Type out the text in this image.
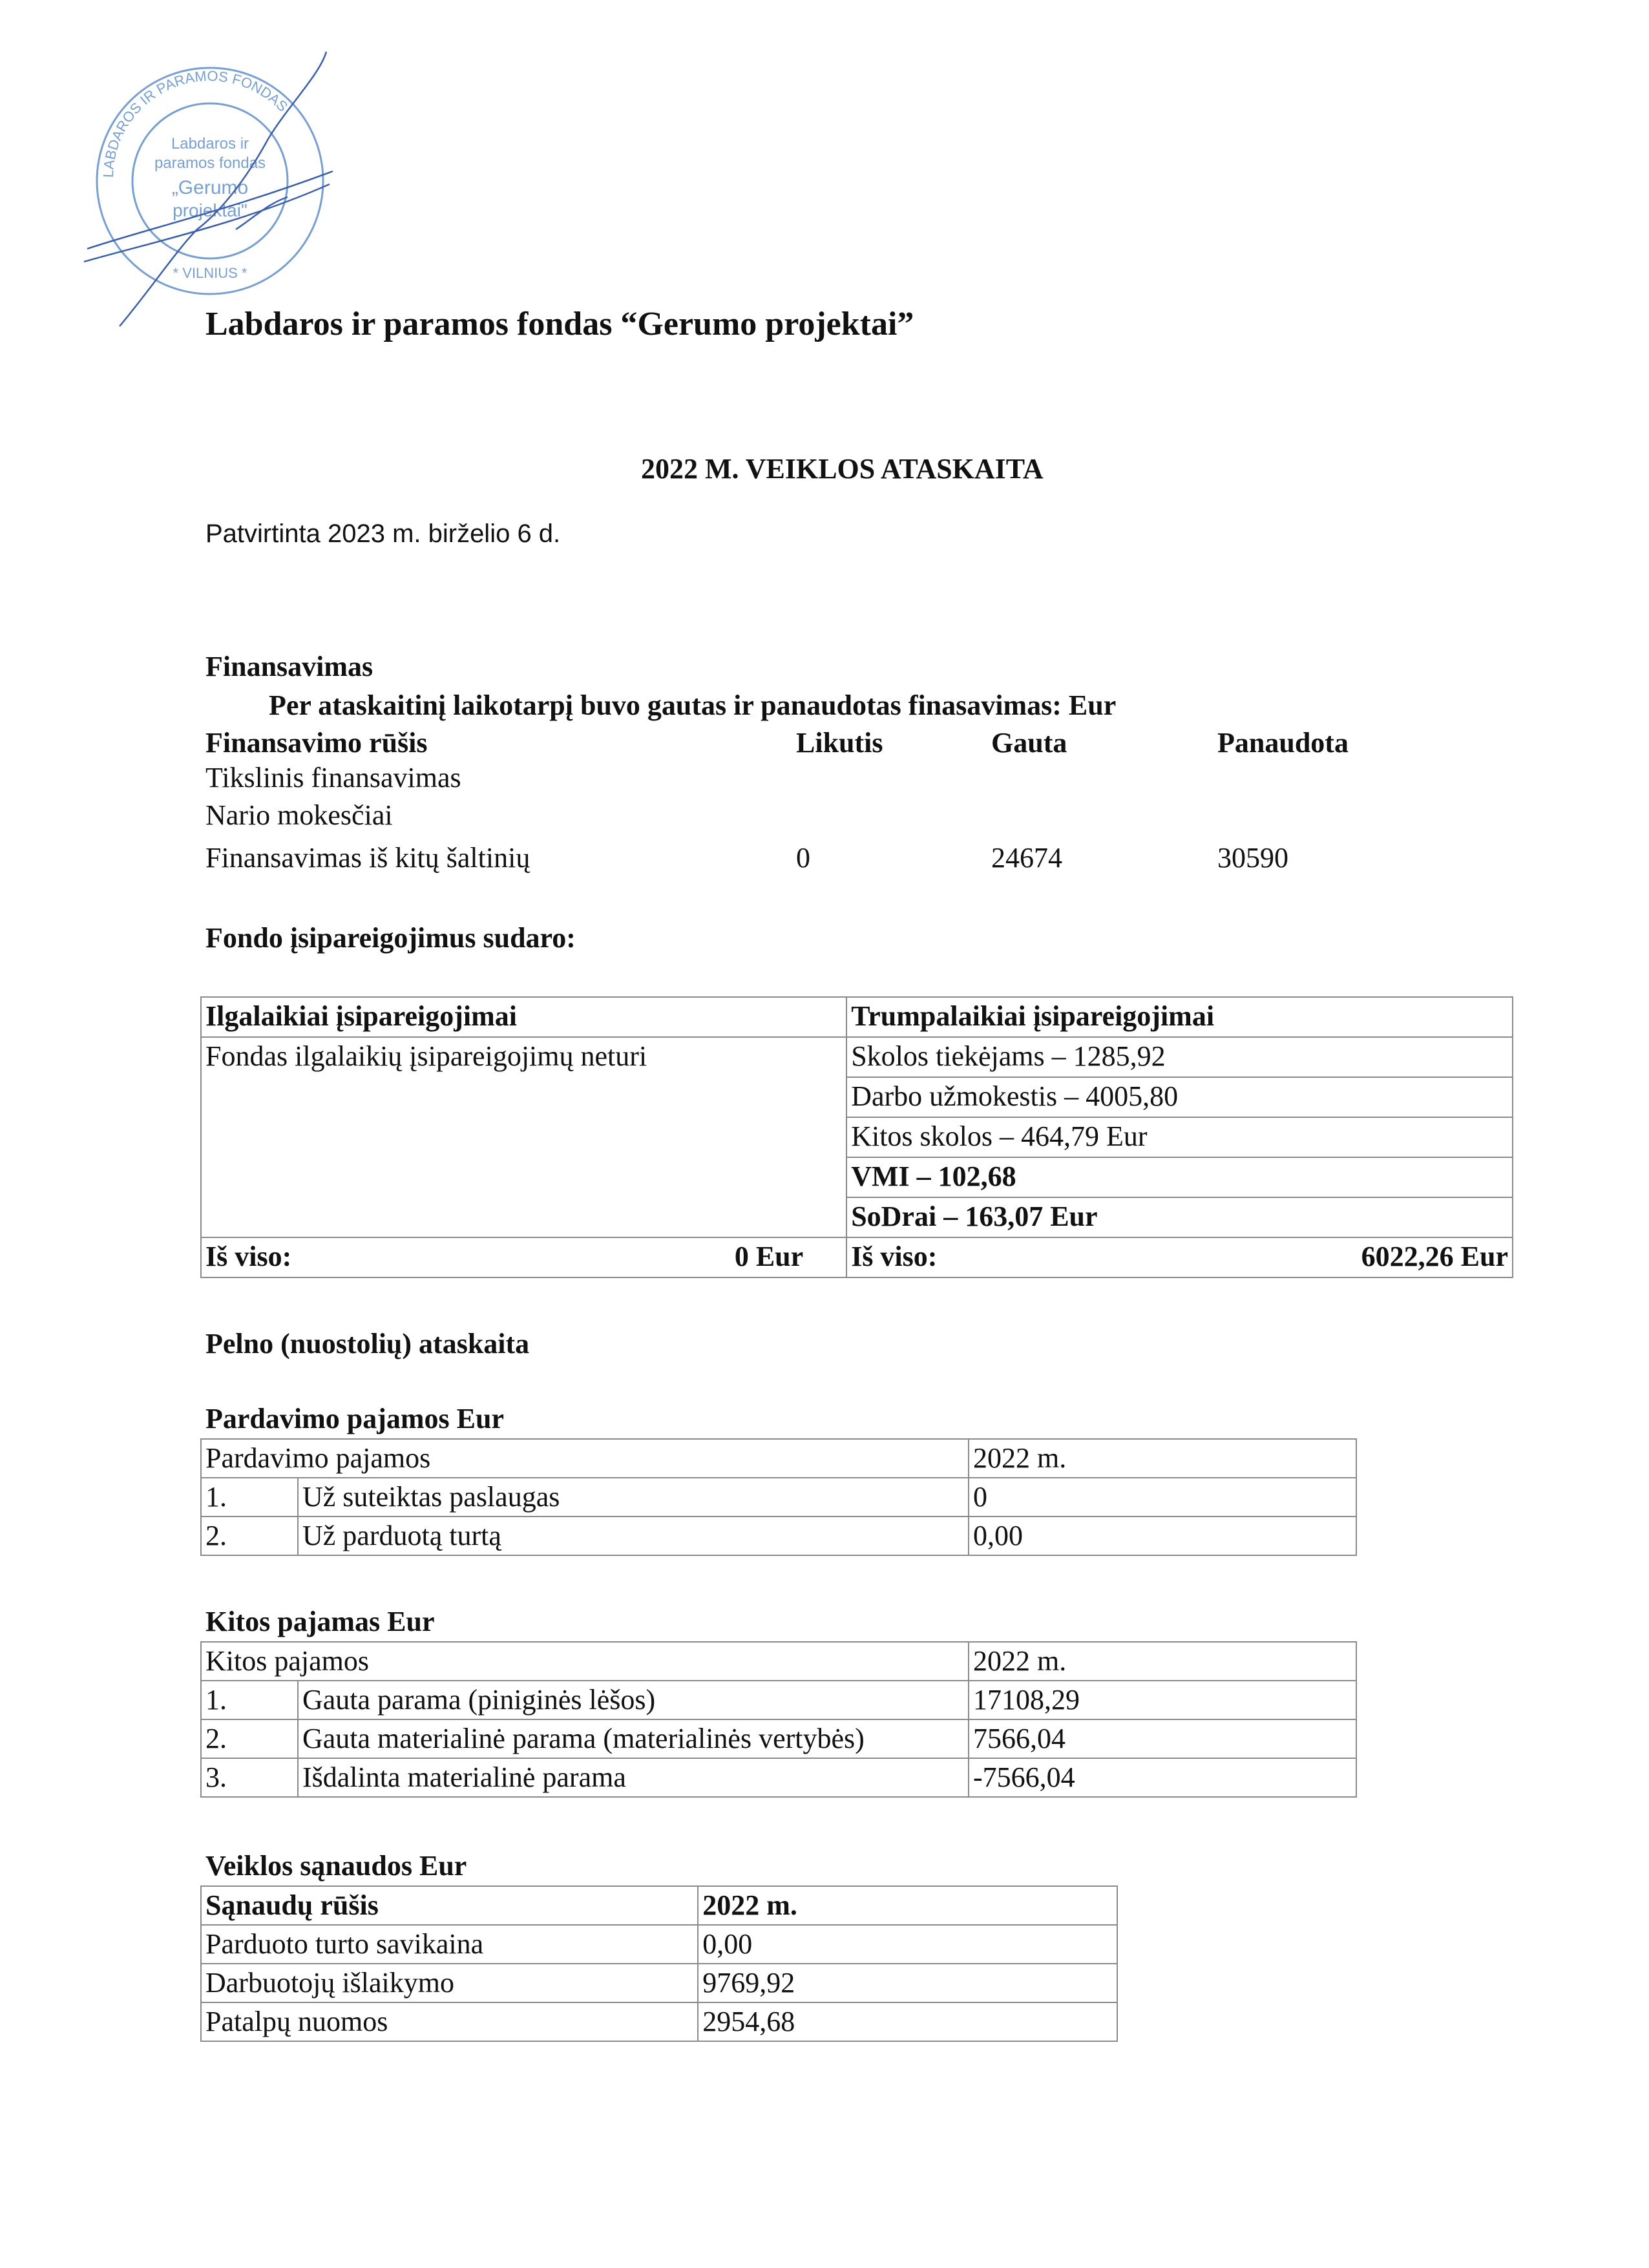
LABDAROS IR PARAMOS FONDAS
Labdaros ir
paramos fondas
„Gerumo
projektai"
* VILNIUS *
Labdaros ir paramos fondas “Gerumo projektai”
2022 M. VEIKLOS ATASKAITA
Patvirtinta 2023 m. birželio 6 d.
Finansavimas
Per ataskaitinį laikotarpį buvo gautas ir panaudotas finasavimas: Eur
Finansavimo rūšis	Likutis	Gauta	Panaudota
Tikslinis finansavimas
Nario mokesčiai
Finansavimas iš kitų šaltinių	0	24674	30590
Fondo įsipareigojimus sudaro:
Ilgalaikiai įsipareigojimai	Trumpalaikiai įsipareigojimai
Fondas ilgalaikių įsipareigojimų neturi	Skolos tiekėjams – 1285,92
	Darbo užmokestis – 4005,80
	Kitos skolos – 464,79 Eur
	VMI – 102,68
	SoDrai – 163,07 Eur
Iš viso: 0 Eur	Iš viso: 6022,26 Eur
Pelno (nuostolių) ataskaita
Pardavimo pajamos Eur
Pardavimo pajamos		2022 m.
1.	Už suteiktas paslaugas	0
2.	Už parduotą turtą	0,00
Kitos pajamas Eur
Kitos pajamos		2022 m.
1.	Gauta parama (piniginės lėšos)	17108,29
2.	Gauta materialinė parama (materialinės vertybės)	7566,04
3.	Išdalinta materialinė parama	-7566,04
Veiklos sąnaudos Eur
Sąnaudų rūšis	2022 m.
Parduoto turto savikaina	0,00
Darbuotojų išlaikymo	9769,92
Patalpų nuomos	2954,68
